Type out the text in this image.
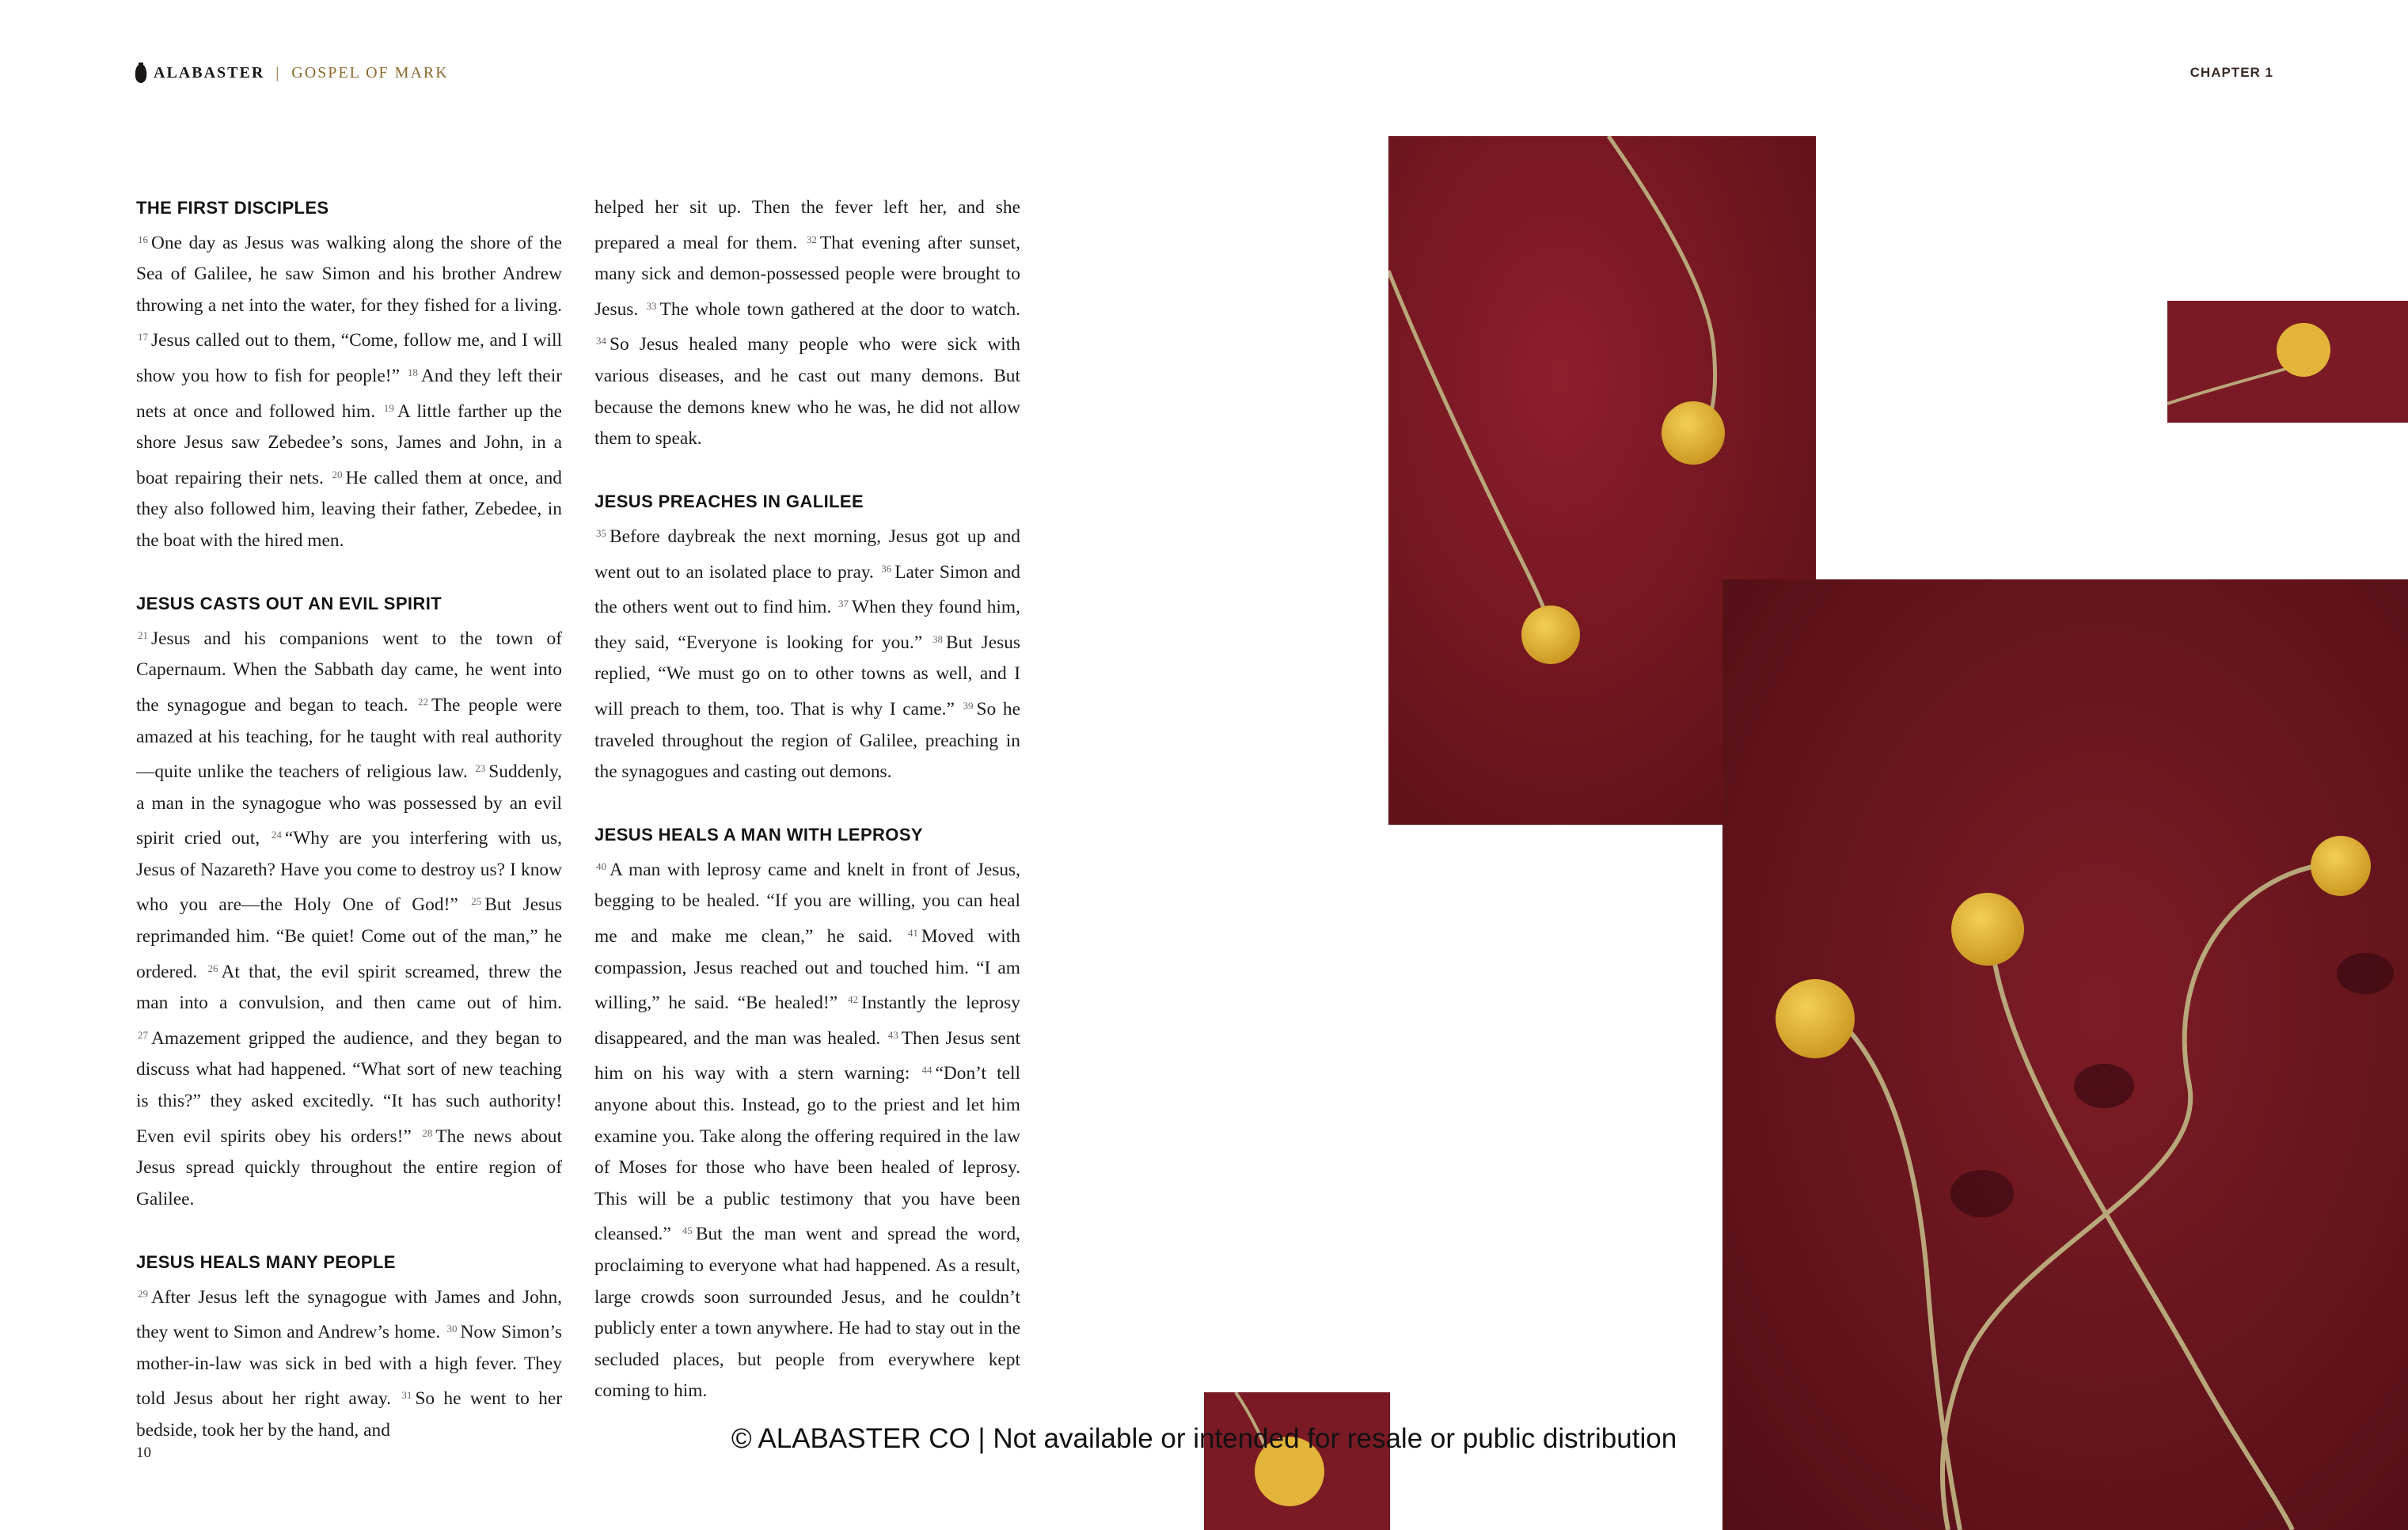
ALABASTER | GOSPEL OF MARK	CHAPTER 1
THE FIRST DISCIPLES

$^{16}$ One day as Jesus was walking along the shore of the Sea of Galilee, he saw Simon and his brother Andrew throwing a net into the water, for they fished for a living. $^{17}$ Jesus called out to them, “Come, follow me, and I will show you how to fish for people!” $^{18}$ And they left their nets at once and followed him. $^{19}$ A little farther up the shore Jesus saw Zebedee’s sons, James and John, in a boat repairing their nets. $^{20}$ He called them at once, and they also followed him, leaving their father, Zebedee, in the boat with the hired men.

JESUS CASTS OUT AN EVIL SPIRIT

$^{21}$ Jesus and his companions went to the town of Capernaum. When the Sabbath day came, he went into the synagogue and began to teach. $^{22}$ The people were amazed at his teaching, for he taught with real authority—quite unlike the teachers of religious law. $^{23}$ Suddenly, a man in the synagogue who was possessed by an evil spirit cried out, $^{24}$ “Why are you interfering with us, Jesus of Nazareth? Have you come to destroy us? I know who you are—the Holy One of God!” $^{25}$ But Jesus reprimanded him. “Be quiet! Come out of the man,” he ordered. $^{26}$ At that, the evil spirit screamed, threw the man into a convulsion, and then came out of him. $^{27}$ Amazement gripped the audience, and they began to discuss what had happened. “What sort of new teaching is this?” they asked excitedly. “It has such authority! Even evil spirits obey his orders!” $^{28}$ The news about Jesus spread quickly throughout the entire region of Galilee.

JESUS HEALS MANY PEOPLE

$^{29}$ After Jesus left the synagogue with James and John, they went to Simon and Andrew’s home. $^{30}$ Now Simon’s mother-in-law was sick in bed with a high fever. They told Jesus about her right away. $^{31}$ So he went to her bedside, took her by the hand, and

helped her sit up. Then the fever left her, and she prepared a meal for them. $^{32}$ That evening after sunset, many sick and demon-possessed people were brought to Jesus. $^{33}$ The whole town gathered at the door to watch. $^{34}$ So Jesus healed many people who were sick with various diseases, and he cast out many demons. But because the demons knew who he was, he did not allow them to speak.

JESUS PREACHES IN GALILEE

$^{35}$ Before daybreak the next morning, Jesus got up and went out to an isolated place to pray. $^{36}$ Later Simon and the others went out to find him. $^{37}$ When they found him, they said, “Everyone is looking for you.” $^{38}$ But Jesus replied, “We must go on to other towns as well, and I will preach to them, too. That is why I came.” $^{39}$ So he traveled throughout the region of Galilee, preaching in the synagogues and casting out demons.

JESUS HEALS A MAN WITH LEPROSY

$^{40}$ A man with leprosy came and knelt in front of Jesus, begging to be healed. “If you are willing, you can heal me and make me clean,” he said. $^{41}$ Moved with compassion, Jesus reached out and touched him. “I am willing,” he said. “Be healed!” $^{42}$ Instantly the leprosy disappeared, and the man was healed. $^{43}$ Then Jesus sent him on his way with a stern warning: $^{44}$ “Don’t tell anyone about this. Instead, go to the priest and let him examine you. Take along the offering required in the law of Moses for those who have been healed of leprosy. This will be a public testimony that you have been cleansed.” $^{45}$ But the man went and spread the word, proclaiming to everyone what had happened. As a result, large crowds soon surrounded Jesus, and he couldn’t publicly enter a town anywhere. He had to stay out in the secluded places, but people from everywhere kept coming to him.

© ALABASTER CO | Not available or intended for resale or public distribution
10
